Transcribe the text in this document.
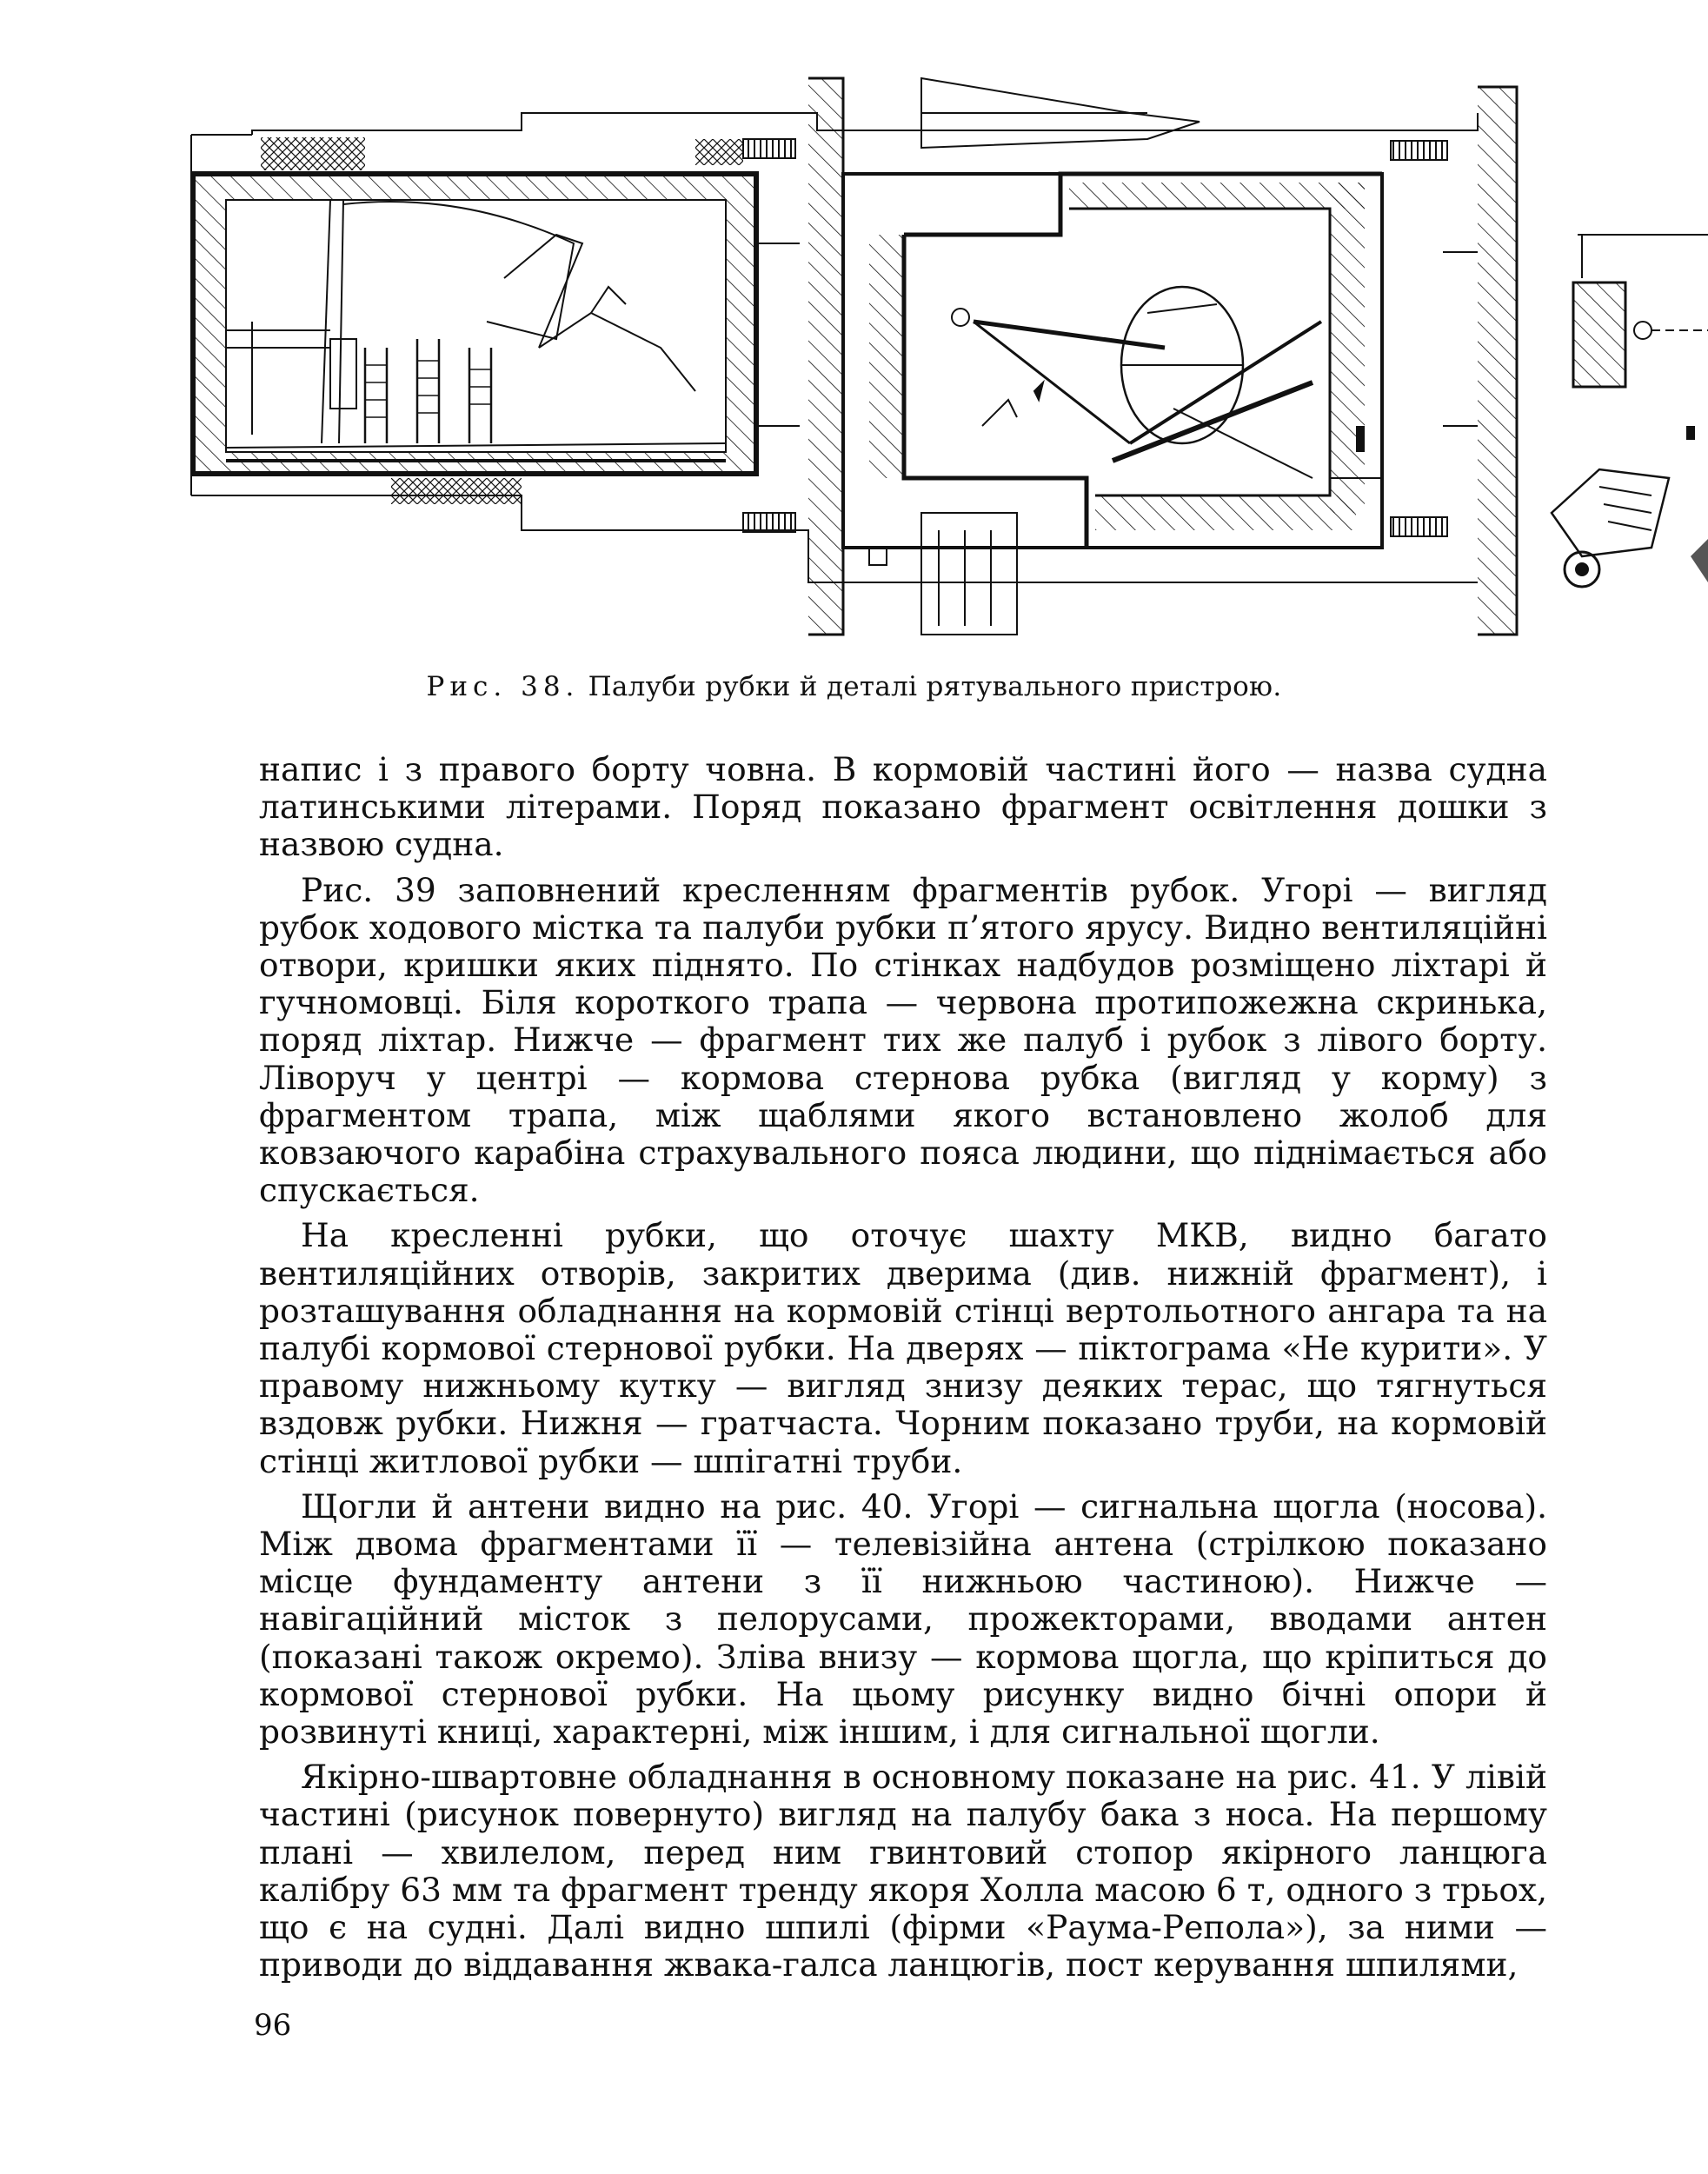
Рис. 38. Палуби рубки й деталі рятувального пристрою.

напис і з правого борту човна. В кормовій частині його — назва судна латинськими літерами. Поряд показано фрагмент освітлення дошки з назвою судна.

Рис. 39 заповнений кресленням фрагментів рубок. Угорі — вигляд рубок ходового містка та палуби рубки п’ятого ярусу. Видно вентиляційні отвори, кришки яких піднято. По стінках надбудов розміщено ліхтарі й гучномовці. Біля короткого трапа — червона протипожежна скринька, поряд ліхтар. Нижче — фрагмент тих же палуб і рубок з лівого борту. Ліворуч у центрі — кормова стернова рубка (вигляд у корму) з фрагментом трапа, між щаблями якого встановлено жолоб для ковзаючого карабіна страхувального пояса людини, що піднімається або спускається.

На кресленні рубки, що оточує шахту МКВ, видно багато вентиляційних отворів, закритих дверима (див. нижній фрагмент), і розташування обладнання на кормовій стінці вертольотного ангара та на палубі кормової стернової рубки. На дверях — піктограма «Не курити». У правому нижньому кутку — вигляд знизу деяких терас, що тягнуться вздовж рубки. Нижня — гратчаста. Чорним показано труби, на кормовій стінці житлової рубки — шпігатні труби.

Щогли й антени видно на рис. 40. Угорі — сигнальна щогла (носова). Між двома фрагментами її — телевізійна антена (стрілкою показано місце фундаменту антени з її нижньою частиною). Нижче — навігаційний місток з пелорусами, прожекторами, вводами антен (показані також окремо). Зліва внизу — кормова щогла, що кріпиться до кормової стернової рубки. На цьому рисунку видно бічні опори й розвинуті книці, характерні, між іншим, і для сигнальної щогли.

Якірно-швартовне обладнання в основному показане на рис. 41. У лівій частині (рисунок повернуто) вигляд на палубу бака з носа. На першому плані — хвилелом, перед ним гвинтовий стопор якірного ланцюга калібру 63 мм та фрагмент тренду якоря Холла масою 6 т, одного з трьох, що є на судні. Далі видно шпилі (фірми «Раума-Репола»), за ними — приводи до віддавання жвака-галса ланцюгів, пост керування шпилями,

96
